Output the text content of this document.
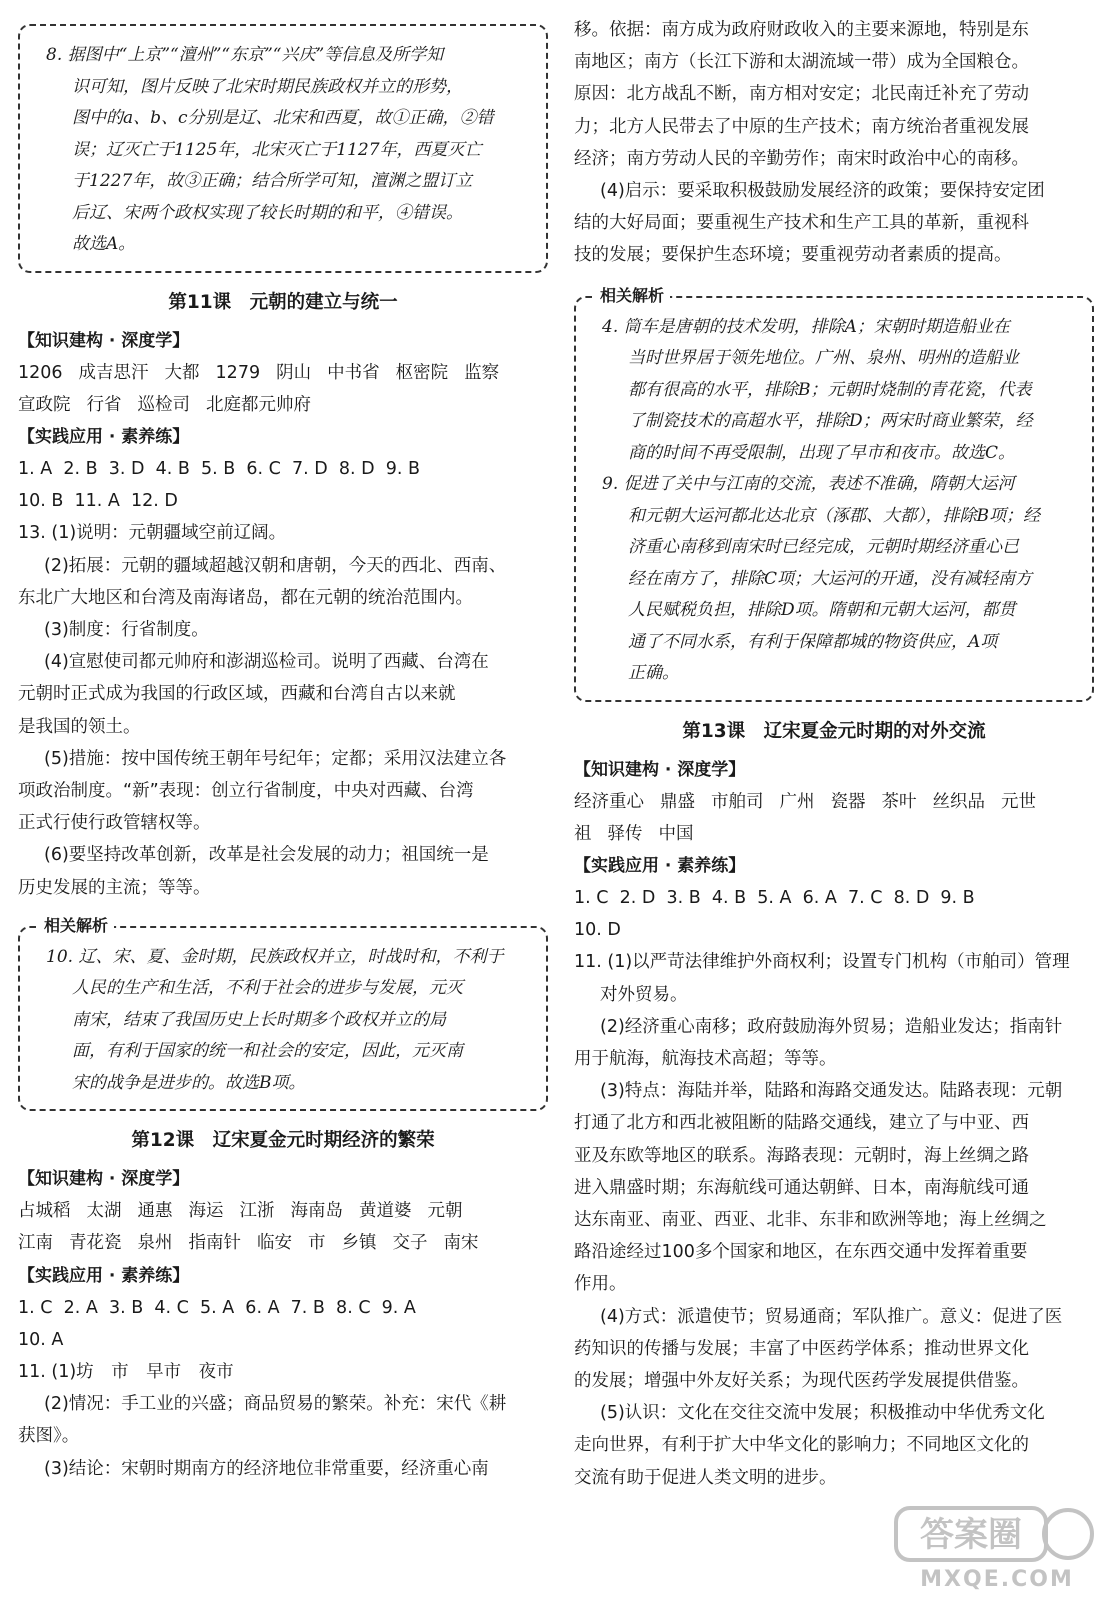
8. 据图中“上京”“澶州”“东京”“兴庆”等信息及所学知

识可知，图片反映了北宋时期民族政权并立的形势，

图中的a、b、c分别是辽、北宋和西夏，故①正确，②错

误；辽灭亡于1125年，北宋灭亡于1127年，西夏灭亡

于1227年，故③正确；结合所学可知，澶渊之盟订立

后辽、宋两个政权实现了较长时期的和平，④错误。

故选A。

第11课　元朝的建立与统一

【知识建构 · 深度学】

1206 成吉思汗 大都 1279 阴山 中书省 枢密院 监察

宣政院 行省 巡检司 北庭都元帅府

【实践应用 · 素养练】

1. A  2. B  3. D  4. B  5. B  6. C  7. D  8. D  9. B

10. B  11. A  12. D

13. (1)说明：元朝疆域空前辽阔。

(2)拓展：元朝的疆域超越汉朝和唐朝，今天的西北、西南、

东北广大地区和台湾及南海诸岛，都在元朝的统治范围内。

(3)制度：行省制度。

(4)宣慰使司都元帅府和澎湖巡检司。说明了西藏、台湾在

元朝时正式成为我国的行政区域，西藏和台湾自古以来就

是我国的领土。

(5)措施：按中国传统王朝年号纪年；定都；采用汉法建立各

项政治制度。“新”表现：创立行省制度，中央对西藏、台湾

正式行使行政管辖权等。

(6)要坚持改革创新，改革是社会发展的动力；祖国统一是

历史发展的主流；等等。

相关解析

10. 辽、宋、夏、金时期，民族政权并立，时战时和，不利于

人民的生产和生活，不利于社会的进步与发展，元灭

南宋，结束了我国历史上长时期多个政权并立的局

面，有利于国家的统一和社会的安定，因此，元灭南

宋的战争是进步的。故选B项。

第12课　辽宋夏金元时期经济的繁荣

【知识建构 · 深度学】

占城稻 太湖 通惠 海运 江浙 海南岛 黄道婆 元朝

江南 青花瓷 泉州 指南针 临安 市 乡镇 交子 南宋

【实践应用 · 素养练】

1. C  2. A  3. B  4. C  5. A  6. A  7. B  8. C  9. A

10. A

11. (1)坊　市　早市　夜市

(2)情况：手工业的兴盛；商品贸易的繁荣。补充：宋代《耕

获图》。

(3)结论：宋朝时期南方的经济地位非常重要，经济重心南

移。依据：南方成为政府财政收入的主要来源地，特别是东

南地区；南方（长江下游和太湖流域一带）成为全国粮仓。

原因：北方战乱不断，南方相对安定；北民南迁补充了劳动

力；北方人民带去了中原的生产技术；南方统治者重视发展

经济；南方劳动人民的辛勤劳作；南宋时政治中心的南移。

(4)启示：要采取积极鼓励发展经济的政策；要保持安定团

结的大好局面；要重视生产技术和生产工具的革新，重视科

技的发展；要保护生态环境；要重视劳动者素质的提高。

相关解析

4. 筒车是唐朝的技术发明，排除A；宋朝时期造船业在

当时世界居于领先地位。广州、泉州、明州的造船业

都有很高的水平，排除B；元朝时烧制的青花瓷，代表

了制瓷技术的高超水平，排除D；两宋时商业繁荣，经

商的时间不再受限制，出现了早市和夜市。故选C。

9. 促进了关中与江南的交流，表述不准确，隋朝大运河

和元朝大运河都北达北京（涿郡、大都），排除B项；经

济重心南移到南宋时已经完成，元朝时期经济重心已

经在南方了，排除C项；大运河的开通，没有减轻南方

人民赋税负担，排除D项。隋朝和元朝大运河，都贯

通了不同水系，有利于保障都城的物资供应，A项

正确。

第13课　辽宋夏金元时期的对外交流

【知识建构 · 深度学】

经济重心 鼎盛 市舶司 广州 瓷器 茶叶 丝织品 元世

祖 驿传 中国

【实践应用 · 素养练】

1. C  2. D  3. B  4. B  5. A  6. A  7. C  8. D  9. B

10. D

11. (1)以严苛法律维护外商权利；设置专门机构（市舶司）管理

对外贸易。

(2)经济重心南移；政府鼓励海外贸易；造船业发达；指南针

用于航海，航海技术高超；等等。

(3)特点：海陆并举，陆路和海路交通发达。陆路表现：元朝

打通了北方和西北被阻断的陆路交通线，建立了与中亚、西

亚及东欧等地区的联系。海路表现：元朝时，海上丝绸之路

进入鼎盛时期；东海航线可通达朝鲜、日本，南海航线可通

达东南亚、南亚、西亚、北非、东非和欧洲等地；海上丝绸之

路沿途经过100多个国家和地区，在东西交通中发挥着重要

作用。

(4)方式：派遣使节；贸易通商；军队推广。意义：促进了医

药知识的传播与发展；丰富了中医药学体系；推动世界文化

的发展；增强中外友好关系；为现代医药学发展提供借鉴。

(5)认识：文化在交往交流中发展；积极推动中华优秀文化

走向世界，有利于扩大中华文化的影响力；不同地区文化的

交流有助于促进人类文明的进步。

答案圈
MXQE.COM
